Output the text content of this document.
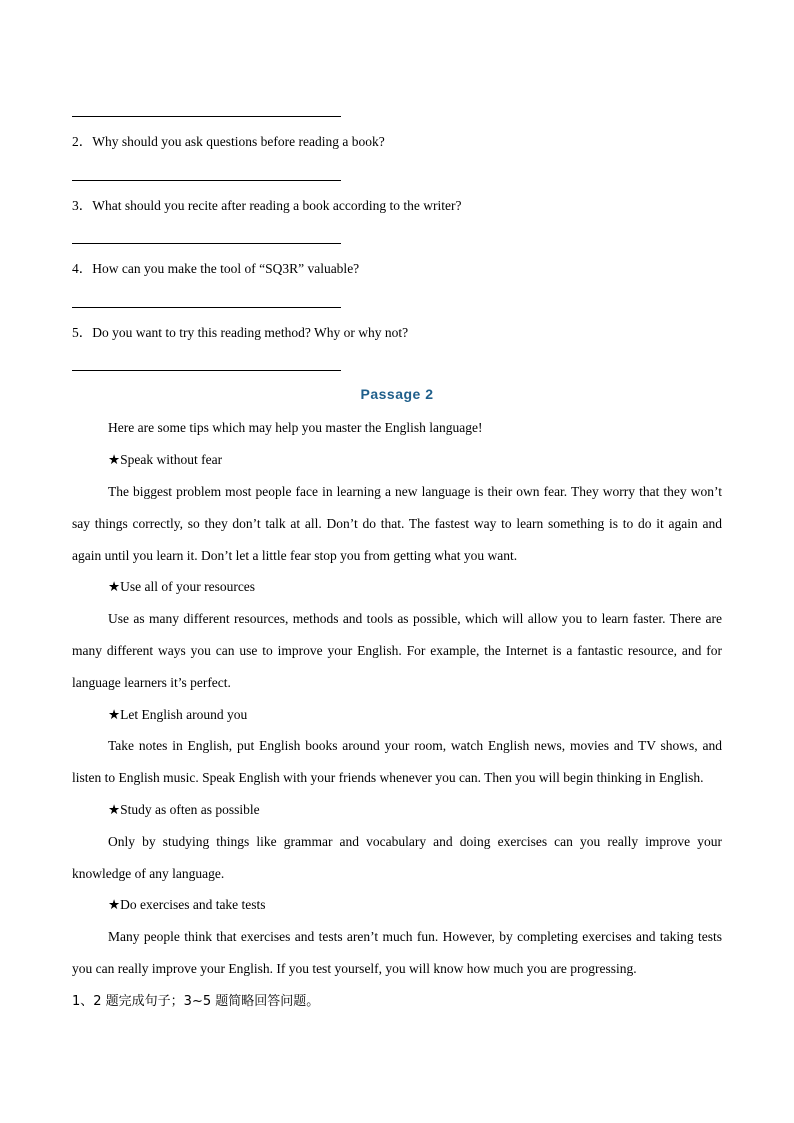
2．Why should you ask questions before reading a book?
3．What should you recite after reading a book according to the writer?
4．How can you make the tool of “SQ3R” valuable?
5．Do you want to try this reading method? Why or why not?
Passage 2
Here are some tips which may help you master the English language!
★Speak without fear
The biggest problem most people face in learning a new language is their own fear. They worry that they won’t say things correctly, so they don’t talk at all. Don’t do that. The fastest way to learn something is to do it again and again until you learn it. Don’t let a little fear stop you from getting what you want.
★Use all of your resources
Use as many different resources, methods and tools as possible, which will allow you to learn faster. There are many different ways you can use to improve your English. For example, the Internet is a fantastic resource, and for language learners it’s perfect.
★Let English around you
Take notes in English, put English books around your room, watch English news, movies and TV shows, and listen to English music. Speak English with your friends whenever you can. Then you will begin thinking in English.
★Study as often as possible
Only by studying things like grammar and vocabulary and doing exercises can you really improve your knowledge of any language.
★Do exercises and take tests
Many people think that exercises and tests aren’t much fun. However, by completing exercises and taking tests you can really improve your English. If you test yourself, you will know how much you are progressing.
1、2 题完成句子；3~5 题简略回答问题。
